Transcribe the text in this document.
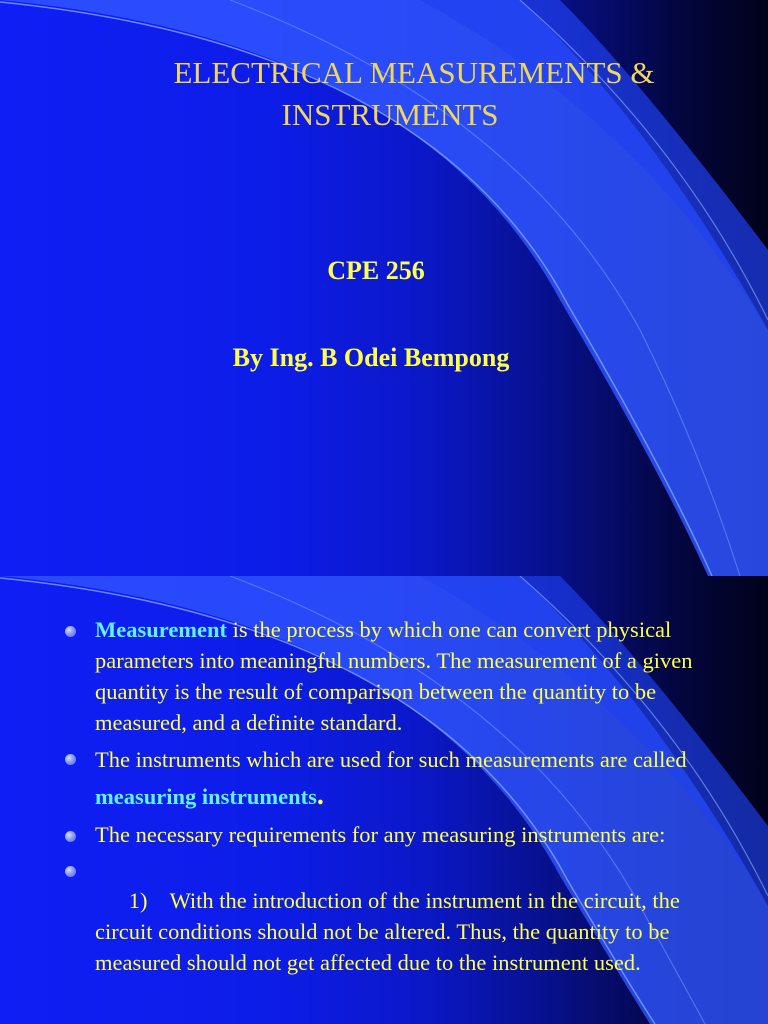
ELECTRICAL MEASUREMENTS &
INSTRUMENTS
CPE 256
By Ing. B Odei Bempong
Measurement is the process by which one can convert physical parameters into meaningful numbers. The measurement of a given quantity is the result of comparison between the quantity to be measured, and a definite standard.
The instruments which are used for such measurements are called measuring instruments.
The necessary requirements for any measuring instruments are:

1)    With the introduction of the instrument in the circuit, the circuit conditions should not be altered. Thus, the quantity to be measured should not get affected due to the instrument used.
